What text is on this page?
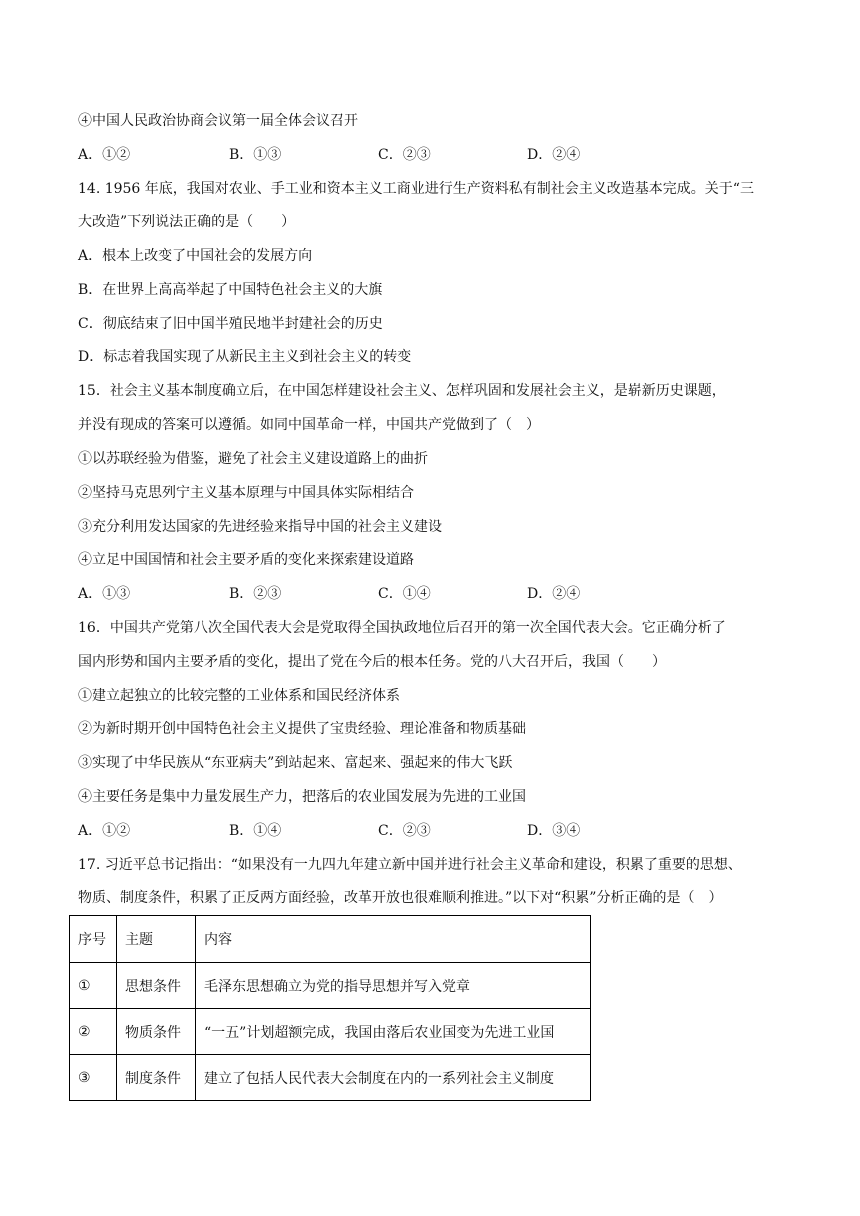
④中国人民政治协商会议第一届全体会议召开
A．①②	B．①③	C．②③	D．②④
14. 1956 年底，我国对农业、手工业和资本主义工商业进行生产资料私有制社会主义改造基本完成。关于“三
大改造”下列说法正确的是（　　）
A．根本上改变了中国社会的发展方向
B．在世界上高高举起了中国特色社会主义的大旗
C．彻底结束了旧中国半殖民地半封建社会的历史
D．标志着我国实现了从新民主主义到社会主义的转变
15．社会主义基本制度确立后，在中国怎样建设社会主义、怎样巩固和发展社会主义，是崭新历史课题，
并没有现成的答案可以遵循。如同中国革命一样，中国共产党做到了（　）
①以苏联经验为借鉴，避免了社会主义建设道路上的曲折
②坚持马克思列宁主义基本原理与中国具体实际相结合
③充分利用发达国家的先进经验来指导中国的社会主义建设
④立足中国国情和社会主要矛盾的变化来探索建设道路
A．①③	B．②③	C．①④	D．②④
16．中国共产党第八次全国代表大会是党取得全国执政地位后召开的第一次全国代表大会。它正确分析了
国内形势和国内主要矛盾的变化，提出了党在今后的根本任务。党的八大召开后，我国（　　）
①建立起独立的比较完整的工业体系和国民经济体系
②为新时期开创中国特色社会主义提供了宝贵经验、理论准备和物质基础
③实现了中华民族从“东亚病夫”到站起来、富起来、强起来的伟大飞跃
④主要任务是集中力量发展生产力，把落后的农业国发展为先进的工业国
A．①②	B．①④	C．②③	D．③④
17. 习近平总书记指出：“如果没有一九四九年建立新中国并进行社会主义革命和建设，积累了重要的思想、
物质、制度条件，积累了正反两方面经验，改革开放也很难顺利推进。”以下对“积累”分析正确的是（　）
序号	主题	内容
①	思想条件	毛泽东思想确立为党的指导思想并写入党章
②	物质条件	“一五”计划超额完成，我国由落后农业国变为先进工业国
③	制度条件	建立了包括人民代表大会制度在内的一系列社会主义制度
